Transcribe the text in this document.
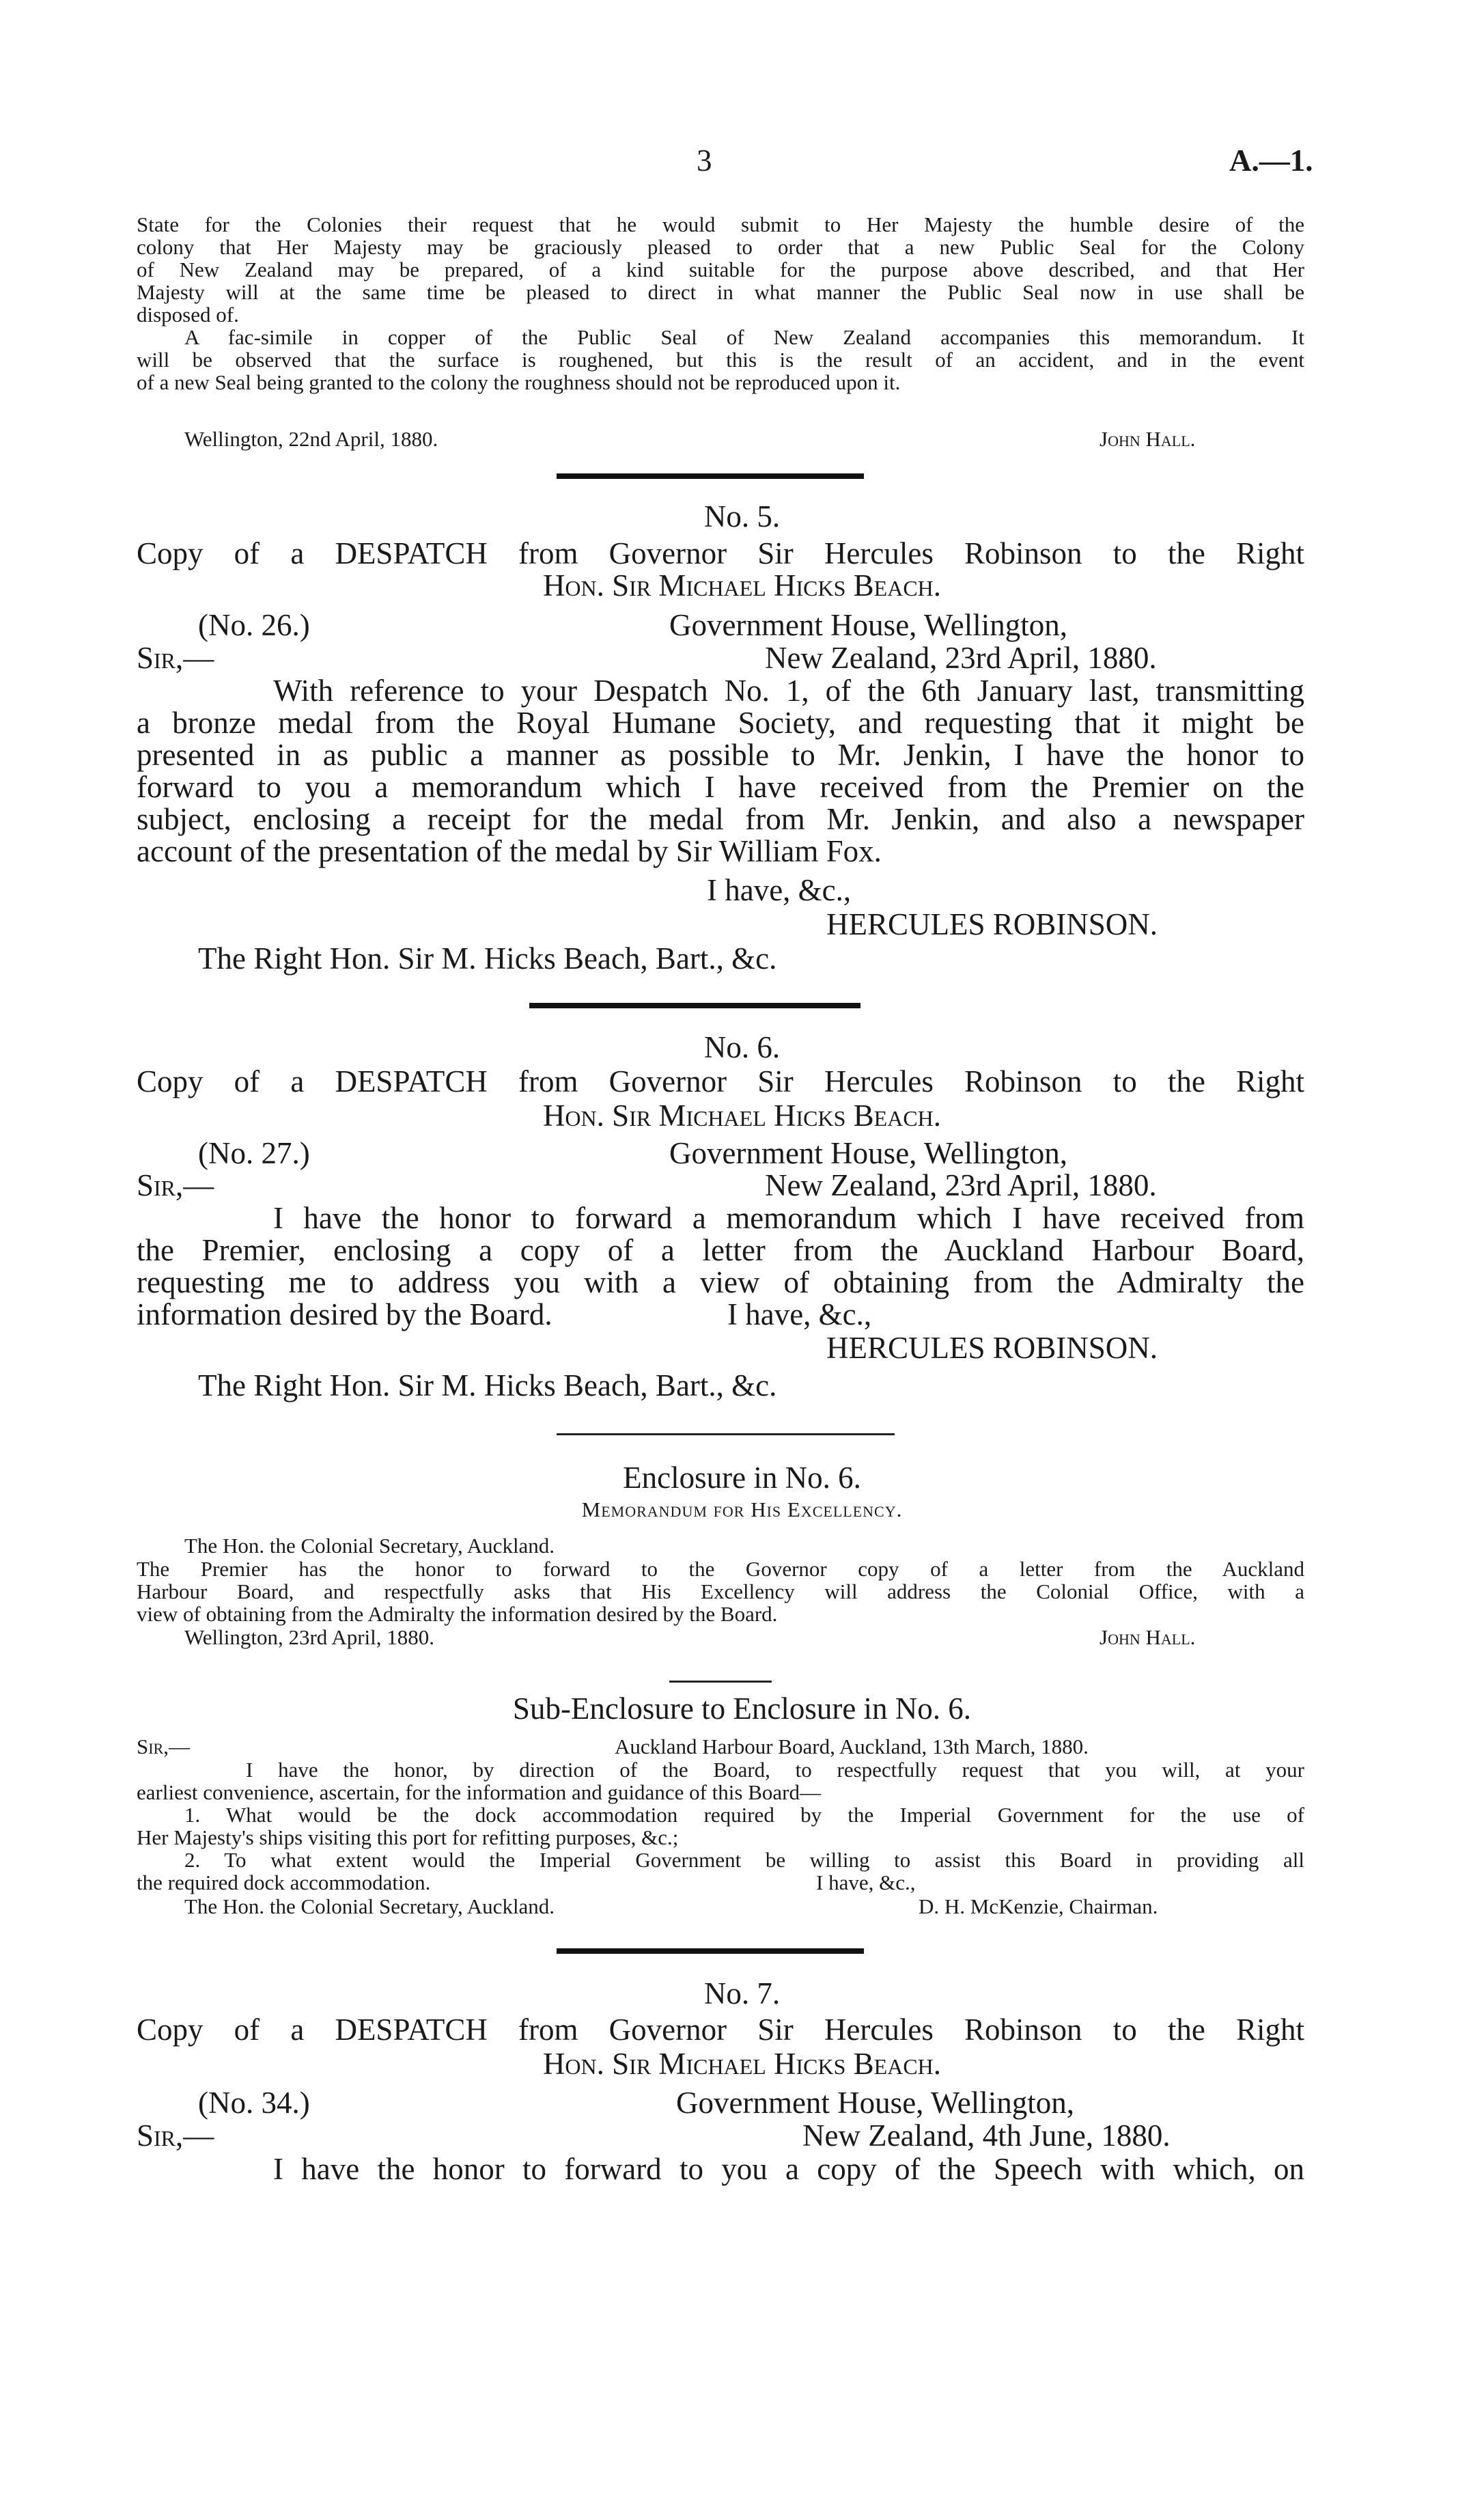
3	A.—1.

State for the Colonies their request that he would submit to Her Majesty the humble desire of the

colony that Her Majesty may be graciously pleased to order that a new Public Seal for the Colony

of New Zealand may be prepared, of a kind suitable for the purpose above described, and that Her

Majesty will at the same time be pleased to direct in what manner the Public Seal now in use shall be

disposed of.

A fac-simile in copper of the Public Seal of New Zealand accompanies this memorandum. It

will be observed that the surface is roughened, but this is the result of an accident, and in the event

of a new Seal being granted to the colony the roughness should not be reproduced upon it.

Wellington, 22nd April, 1880.	John Hall.
No. 5.

Copy of a DESPATCH from Governor Sir Hercules Robinson to the Right

Hon. Sir Michael Hicks Beach.
(No. 26.)	Government House, Wellington,
Sir,—	New Zealand, 23rd April, 1880.

With reference to your Despatch No. 1, of the 6th January last, transmitting

a bronze medal from the Royal Humane Society, and requesting that it might be

presented in as public a manner as possible to Mr. Jenkin, I have the honor to

forward to you a memorandum which I have received from the Premier on the

subject, enclosing a receipt for the medal from Mr. Jenkin, and also a newspaper

account of the presentation of the medal by Sir William Fox.

I have, &c.,
HERCULES ROBINSON.
The Right Hon. Sir M. Hicks Beach, Bart., &c.
No. 6.

Copy of a DESPATCH from Governor Sir Hercules Robinson to the Right

Hon. Sir Michael Hicks Beach.
(No. 27.)	Government House, Wellington,
Sir,—	New Zealand, 23rd April, 1880.

I have the honor to forward a memorandum which I have received from

the Premier, enclosing a copy of a letter from the Auckland Harbour Board,

requesting me to address you with a view of obtaining from the Admiralty the

information desired by the Board.	I have, &c.,
HERCULES ROBINSON.
The Right Hon. Sir M. Hicks Beach, Bart., &c.
Enclosure in No. 6.
Memorandum for His Excellency.
The Hon. the Colonial Secretary, Auckland.

The Premier has the honor to forward to the Governor copy of a letter from the Auckland

Harbour Board, and respectfully asks that His Excellency will address the Colonial Office, with a

view of obtaining from the Admiralty the information desired by the Board.

Wellington, 23rd April, 1880.	John Hall.
Sub-Enclosure to Enclosure in No. 6.
Sir,—	Auckland Harbour Board, Auckland, 13th March, 1880.

I have the honor, by direction of the Board, to respectfully request that you will, at your

earliest convenience, ascertain, for the information and guidance of this Board—

1. What would be the dock accommodation required by the Imperial Government for the use of

Her Majesty's ships visiting this port for refitting purposes, &c.;

2. To what extent would the Imperial Government be willing to assist this Board in providing all

the required dock accommodation.	I have, &c.,
The Hon. the Colonial Secretary, Auckland.	D. H. McKenzie, Chairman.
No. 7.

Copy of a DESPATCH from Governor Sir Hercules Robinson to the Right

Hon. Sir Michael Hicks Beach.
(No. 34.)	Government House, Wellington,
Sir,—	New Zealand, 4th June, 1880.

I have the honor to forward to you a copy of the Speech with which, on
